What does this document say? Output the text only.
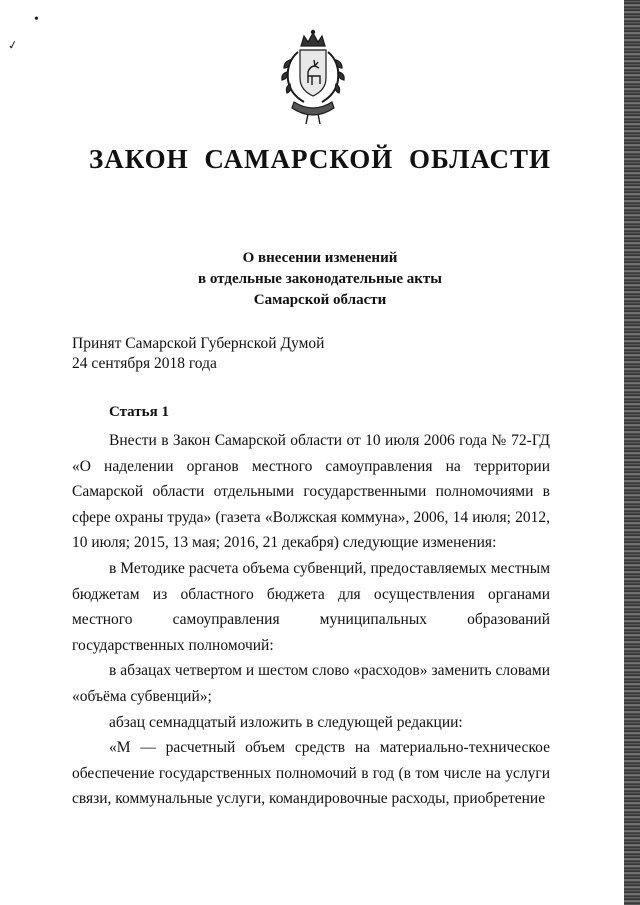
•
✓
ЗАКОН САМАРСКОЙ ОБЛАСТИ
О внесении изменений
в отдельные законодательные акты
Самарской области
Принят Самарской Губернской Думой
24 сентября 2018 года
Статья 1

Внести в Закон Самарской области от 10 июля 2006 года № 72-ГД «О наделении органов местного самоуправления на территории Самарской области отдельными государственными полномочиями в сфере охраны труда» (газета «Волжская коммуна», 2006, 14 июля; 2012, 10 июля; 2015, 13 мая; 2016, 21 декабря) следующие изменения:

в Методике расчета объема субвенций, предоставляемых местным бюджетам из областного бюджета для осуществления органами местного самоуправления муниципальных образований государственных полномочий:

в абзацах четвертом и шестом слово «расходов» заменить словами «объёма субвенций»;

абзац семнадцатый изложить в следующей редакции:

«М — расчетный объем средств на материально-техническое обеспечение государственных полномочий в год (в том числе на услуги связи, коммунальные услуги, командировочные расходы, приобретение
